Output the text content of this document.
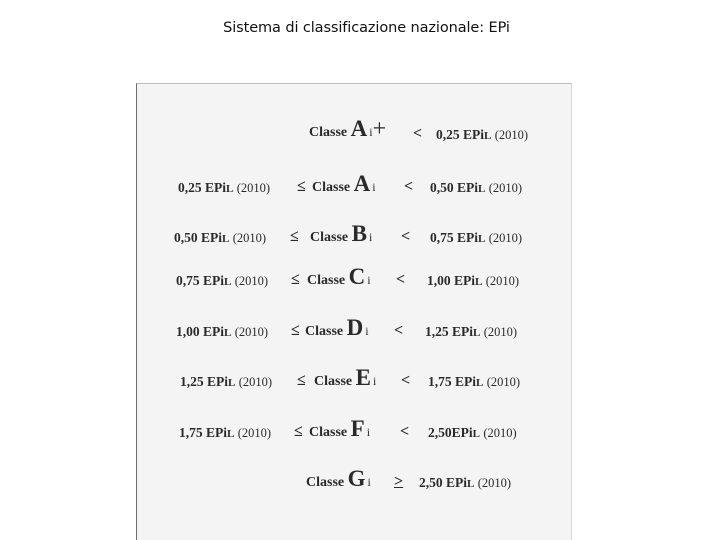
Sistema di classificazione nazionale: EPi
Classe A i+ < 0,25 EPiL (2010)
0,25 EPiL (2010) ≤ Classe A i < 0,50 EPiL (2010)
0,50 EPiL (2010) ≤ Classe B i < 0,75 EPiL (2010)
0,75 EPiL (2010) ≤ Classe C i < 1,00 EPiL (2010)
1,00 EPiL (2010) ≤ Classe D i < 1,25 EPiL (2010)
1,25 EPiL (2010) ≤ Classe E i < 1,75 EPiL (2010)
1,75 EPiL (2010) ≤ Classe F i < 2,50EPiL (2010)
Classe G i > 2,50 EPiL (2010)
